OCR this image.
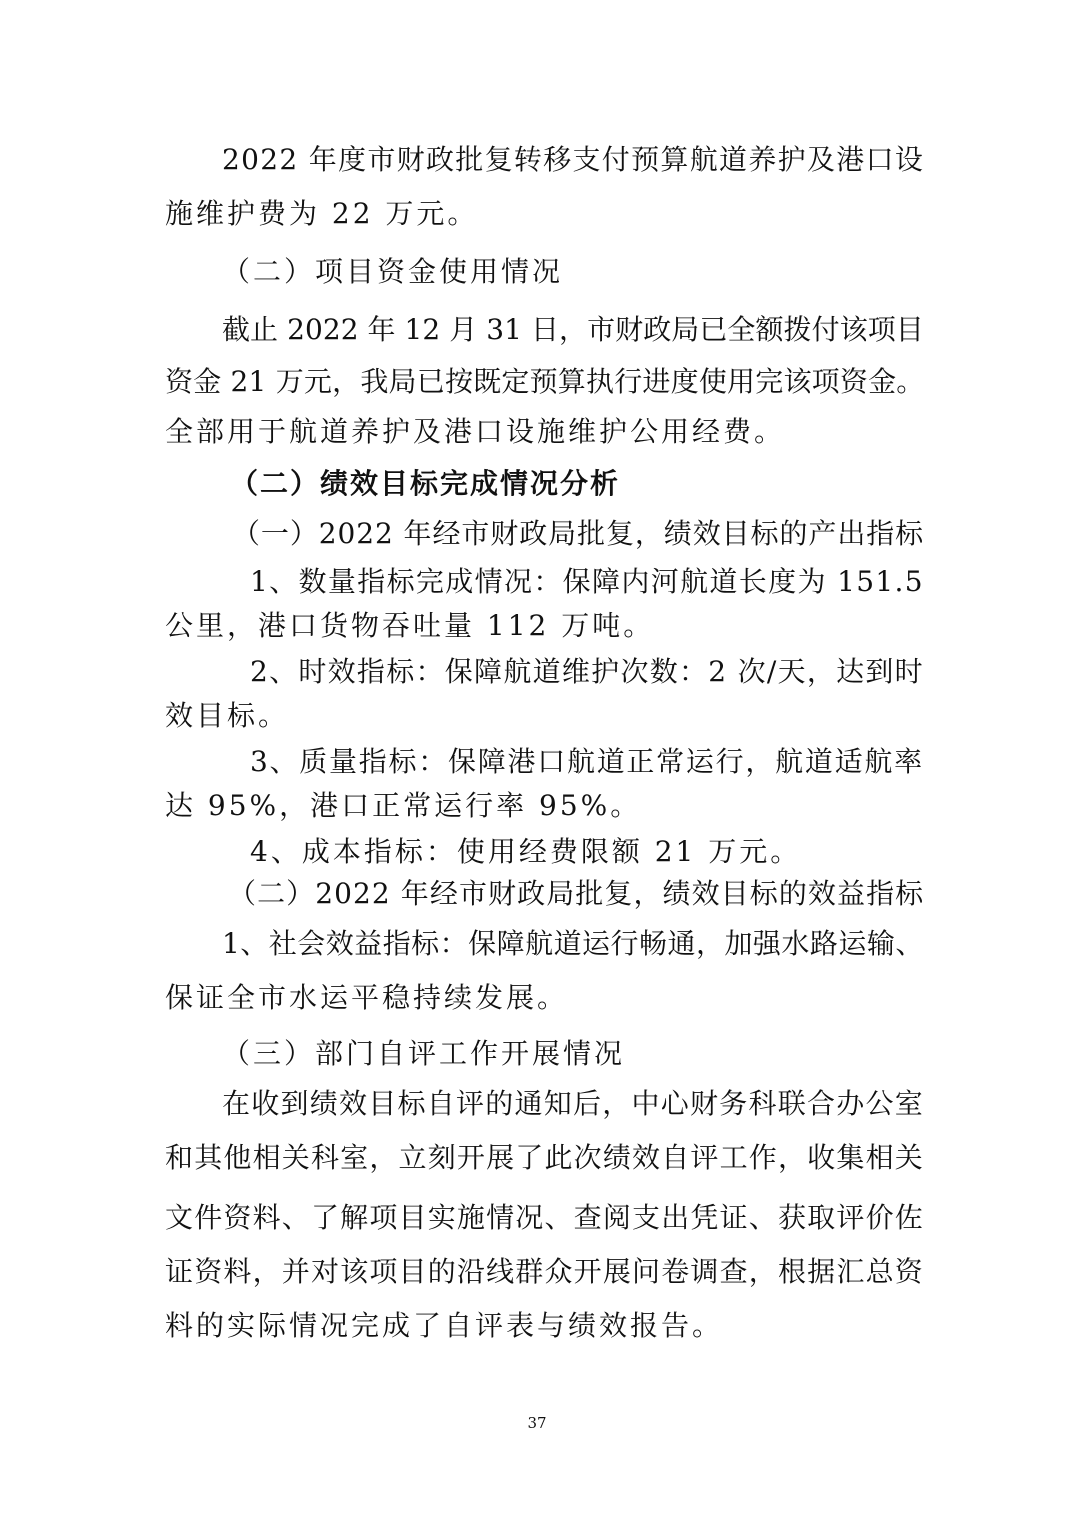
2022 年度市财政批复转移支付预算航道养护及港口设
施维护费为 22 万元。
（二）项目资金使用情况
截止 2022 年 12 月 31 日，市财政局已全额拨付该项目
资金 21 万元，我局已按既定预算执行进度使用完该项资金。
全部用于航道养护及港口设施维护公用经费。
（二）绩效目标完成情况分析
（一）2022 年经市财政局批复，绩效目标的产出指标
1、数量指标完成情况：保障内河航道长度为 151.5
公里，港口货物吞吐量 112 万吨。
2、时效指标：保障航道维护次数：2 次/天，达到时
效目标。
3、质量指标：保障港口航道正常运行，航道适航率
达 95%，港口正常运行率 95%。
4、成本指标：使用经费限额 21 万元。
（二）2022 年经市财政局批复，绩效目标的效益指标
1、社会效益指标：保障航道运行畅通，加强水路运输、
保证全市水运平稳持续发展。
（三）部门自评工作开展情况
在收到绩效目标自评的通知后，中心财务科联合办公室
和其他相关科室，立刻开展了此次绩效自评工作，收集相关
文件资料、了解项目实施情况、查阅支出凭证、获取评价佐
证资料，并对该项目的沿线群众开展问卷调查，根据汇总资
料的实际情况完成了自评表与绩效报告。
37
